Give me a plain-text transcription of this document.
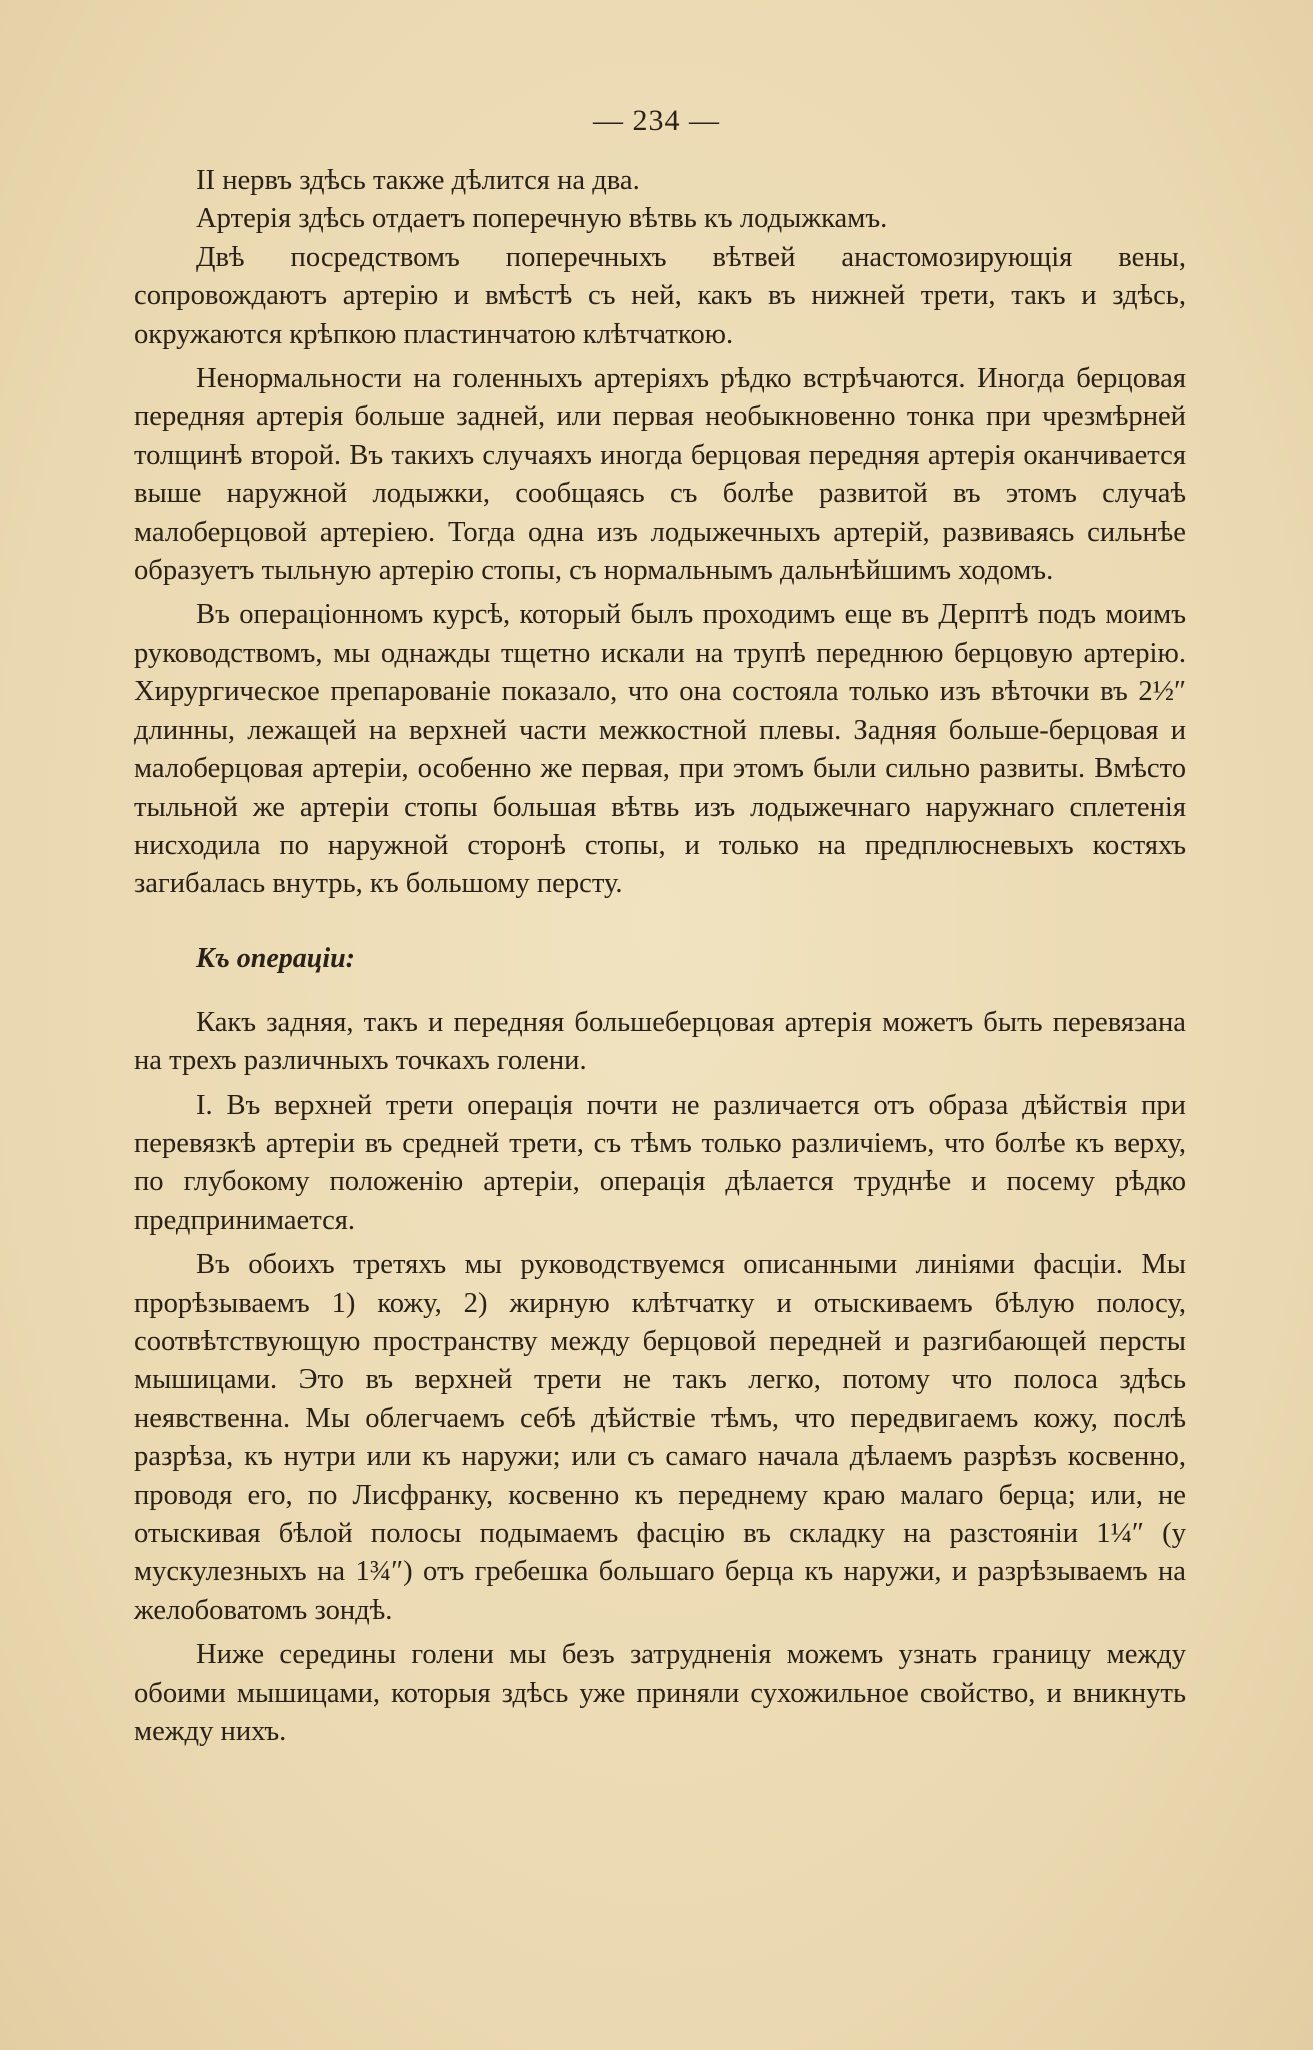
— 234 —

II нервъ здѣсь также дѣлится на два.

Артерія здѣсь отдаетъ поперечную вѣтвь къ лодыжкамъ.

Двѣ посредствомъ поперечныхъ вѣтвей анастомозирующія вены, сопровождаютъ артерію и вмѣстѣ съ ней, какъ въ нижней трети, такъ и здѣсь, окружаются крѣпкою пластинчатою клѣтчаткою.

Ненормальности на голенныхъ артеріяхъ рѣдко встрѣчаются. Иногда берцовая передняя артерія больше задней, или первая необыкновенно тонка при чрезмѣрней толщинѣ второй. Въ такихъ случаяхъ иногда берцовая передняя артерія оканчивается выше наружной лодыжки, сообщаясь съ болѣе развитой въ этомъ случаѣ малоберцовой артеріею. Тогда одна изъ лодыжечныхъ артерій, развиваясь сильнѣе образуетъ тыльную артерію стопы, съ нормальнымъ дальнѣйшимъ ходомъ.

Въ операціонномъ курсѣ, который былъ проходимъ еще въ Дерптѣ подъ моимъ руководствомъ, мы однажды тщетно искали на трупѣ переднюю берцовую артерію. Хирургическое препарованіе показало, что она состояла только изъ вѣточки въ 2½″ длинны, лежащей на верхней части межкостной плевы. Задняя больше-берцовая и малоберцовая артеріи, особенно же первая, при этомъ были сильно развиты. Вмѣсто тыльной же артеріи стопы большая вѣтвь изъ лодыжечнаго наружнаго сплетенія нисходила по наружной сторонѣ стопы, и только на предплюсневыхъ костяхъ загибалась внутрь, къ большому персту.

Къ операціи:

Какъ задняя, такъ и передняя большеберцовая артерія можетъ быть перевязана на трехъ различныхъ точкахъ голени.

I. Въ верхней трети операція почти не различается отъ образа дѣйствія при перевязкѣ артеріи въ средней трети, съ тѣмъ только различіемъ, что болѣе къ верху, по глубокому положенію артеріи, операція дѣлается труднѣе и посему рѣдко предпринимается.

Въ обоихъ третяхъ мы руководствуемся описанными линіями фасціи. Мы прорѣзываемъ 1) кожу, 2) жирную клѣтчатку и отыскиваемъ бѣлую полосу, соотвѣтствующую пространству между берцовой передней и разгибающей персты мышицами. Это въ верхней трети не такъ легко, потому что полоса здѣсь неявственна. Мы облегчаемъ себѣ дѣйствіе тѣмъ, что передвигаемъ кожу, послѣ разрѣза, къ нутри или къ наружи; или съ самаго начала дѣлаемъ разрѣзъ косвенно, проводя его, по Лисфранку, косвенно къ переднему краю малаго берца; или, не отыскивая бѣлой полосы подымаемъ фасцію въ складку на разстояніи 1¼″ (у мускулезныхъ на 1¾″) отъ гребешка большаго берца къ наружи, и разрѣзываемъ на желобоватомъ зондѣ.

Ниже середины голени мы безъ затрудненія можемъ узнать границу между обоими мышицами, которыя здѣсь уже приняли сухожильное свойство, и вникнуть между нихъ.
